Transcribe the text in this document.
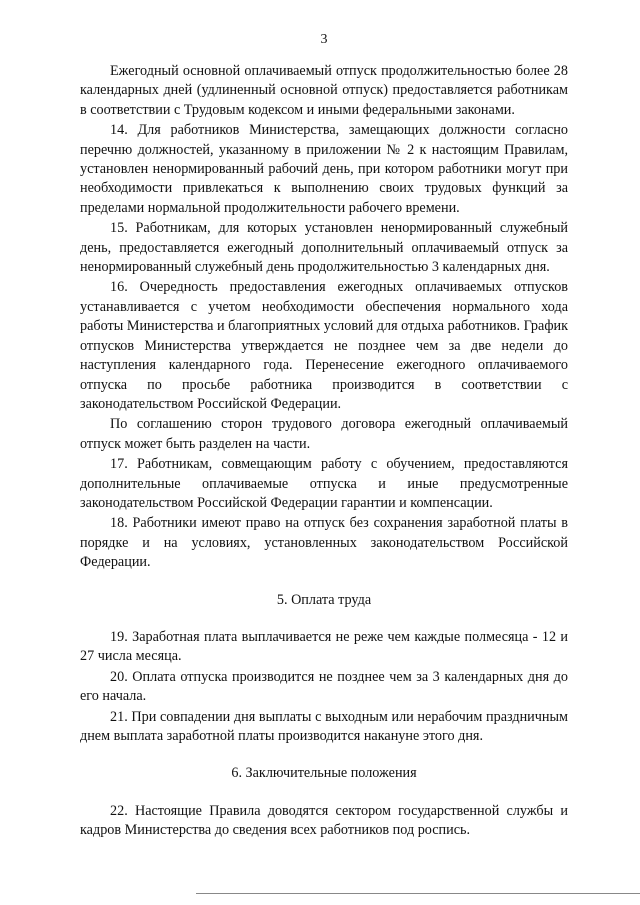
3

Ежегодный основной оплачиваемый отпуск продолжительностью более 28 календарных дней (удлиненный основной отпуск) предоставляется работникам в соответствии с Трудовым кодексом и иными федеральными законами.

14. Для работников Министерства, замещающих должности согласно перечню должностей, указанному в приложении № 2 к настоящим Правилам, установлен ненормированный рабочий день, при котором работники могут при необходимости привлекаться к выполнению своих трудовых функций за пределами нормальной продолжительности рабочего времени.

15. Работникам, для которых установлен ненормированный служебный день, предоставляется ежегодный дополнительный оплачиваемый отпуск за ненормированный служебный день продолжительностью 3 календарных дня.

16. Очередность предоставления ежегодных оплачиваемых отпусков устанавливается с учетом необходимости обеспечения нормального хода работы Министерства и благоприятных условий для отдыха работников. График отпусков Министерства утверждается не позднее чем за две недели до наступления календарного года. Перенесение ежегодного оплачиваемого отпуска по просьбе работника производится в соответствии с законодательством Российской Федерации.

По соглашению сторон трудового договора ежегодный оплачиваемый отпуск может быть разделен на части.

17. Работникам, совмещающим работу с обучением, предоставляются дополнительные оплачиваемые отпуска и иные предусмотренные законодательством Российской Федерации гарантии и компенсации.

18. Работники имеют право на отпуск без сохранения заработной платы в порядке и на условиях, установленных законодательством Российской Федерации.

5. Оплата труда

19. Заработная плата выплачивается не реже чем каждые полмесяца - 12 и 27 числа месяца.

20. Оплата отпуска производится не позднее чем за 3 календарных дня до его начала.

21. При совпадении дня выплаты с выходным или нерабочим праздничным днем выплата заработной платы производится накануне этого дня.

6. Заключительные положения

22. Настоящие Правила доводятся сектором государственной службы и кадров Министерства до сведения всех работников под роспись.
